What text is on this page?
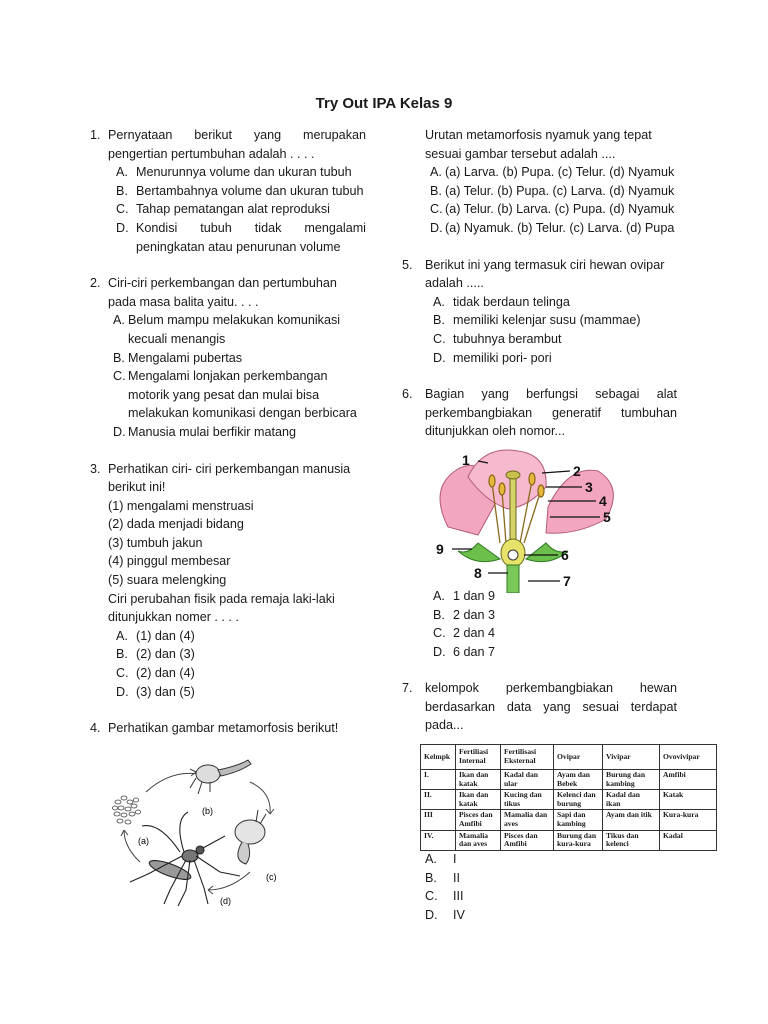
Try Out IPA Kelas 9
1. Pernyataan berikut yang merupakan
pengertian pertumbuhan adalah . . . .
A. Menurunnya volume dan ukuran tubuh
B. Bertambahnya volume dan ukuran tubuh
C. Tahap pematangan alat reproduksi
D. Kondisi tubuh tidak mengalami
peningkatan atau penurunan volume
2. Ciri-ciri perkembangan dan pertumbuhan
pada masa balita yaitu. . . .
A. Belum mampu melakukan komunikasi
kecuali menangis
B. Mengalami pubertas
C. Mengalami lonjakan perkembangan
motorik yang pesat dan mulai bisa
melakukan komunikasi dengan berbicara
D. Manusia mulai berfikir matang
3. Perhatikan ciri- ciri perkembangan manusia
berikut ini!
(1) mengalami menstruasi
(2) dada menjadi bidang
(3) tumbuh jakun
(4) pinggul membesar
(5) suara melengking
Ciri perubahan fisik pada remaja laki-laki
ditunjukkan nomer . . . .
A. (1) dan (4)
B. (2) dan (3)
C. (2) dan (4)
D. (3) dan (5)
4. Perhatikan gambar metamorfosis berikut!
(a)
(b)
(c)
(d)
Urutan metamorfosis nyamuk yang tepat
sesuai gambar tersebut adalah ....
A. (a) Larva. (b) Pupa. (c) Telur. (d) Nyamuk
B. (a) Telur. (b) Pupa. (c) Larva. (d) Nyamuk
C. (a) Telur. (b) Larva. (c) Pupa. (d) Nyamuk
D. (a) Nyamuk. (b) Telur. (c) Larva. (d) Pupa
5. Berikut ini yang termasuk ciri hewan ovipar
adalah .....
A. tidak berdaun telinga
B. memiliki kelenjar susu (mammae)
C. tubuhnya berambut
D. memiliki pori- pori
6. Bagian yang berfungsi sebagai alat
perkembangbiakan generatif tumbuhan
ditunjukkan oleh nomor...
A. 1 dan 9
B. 2 dan 3
C. 2 dan 4
D. 6 dan 7
7. kelompok perkembangbiakan hewan
berdasarkan data yang sesuai terdapat
pada...
1
2
3
4
5
6
7
8
9
Kelmpk	Fertiliasi Internal	Fertilisasi Eksternal	Ovipar	Vivipar	Ovovivipar
I.	Ikan dan katak	Kadal dan ular	Ayam dan Bebek	Burung dan kambing	Amfibi
II.	Ikan dan katak	Kucing dan tikus	Kelenci dan burung	Kadal dan ikan	Katak
III	Pisces dan Amfibi	Mamalia dan aves	Sapi dan kambing	Ayam dan itik	Kura-kura
IV.	Mamalia dan aves	Pisces dan Amfibi	Burung dan kura-kura	Tikus dan kelenci	Kadal
A. I
B. II
C. III
D. IV
